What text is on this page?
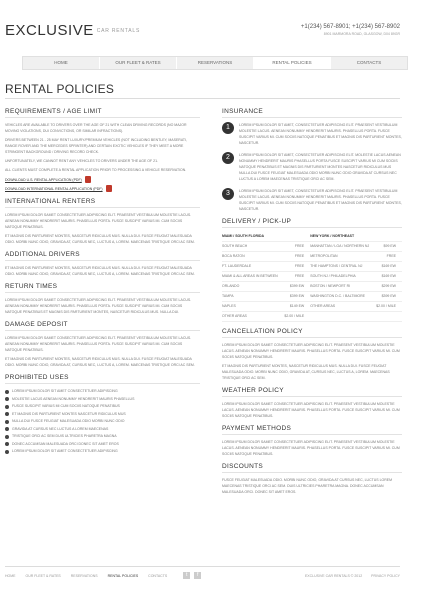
EXCLUSIVE CAR RENTALS
+1(234) 567-8901; +1(234) 567-8902
8901 MARMORA ROAD, GLASGOW, D04 89GR
HOME	OUR FLEET & RATES	RESERVATIONS	RENTAL POLICIES	CONTACTS
RENTAL POLICIES
REQUIREMENTS / AGE LIMIT

VEHICLES ARE AVAILABLE TO DRIVERS OVER THE AGE OF 21 WITH CLEAN DRIVING RECORDS (NO MAJOR MOVING VIOLATIONS, DUI CONVICTIONS, OR SIMILAR INFRACTIONS).

DRIVERS BETWEEN 21 - 25 MAY RENT LUXURY/PREMIUM VEHICLES (NOT INCLUDING BENTLEY, MASERATI, RANGE ROVER AND THE MERCEDES SPRINTER) AND CERTAIN EXOTIC VEHICLES IF THEY MEET A MORE STRINGENT BACKGROUND / DRIVING RECORD CHECK.

UNFORTUNATELY, WE CANNOT RENT ANY VEHICLES TO DRIVERS UNDER THE AGE OF 21.

ALL CLIENTS MUST COMPLETE A RENTAL APPLICATION PRIOR TO PROCESSING A VEHICLE RESERVATION.

DOWNLOAD U.S. RENTAL APPLICATION (PDF)
DOWNLOAD INTERNATIONAL RENTAL APPLICATION (PDF)
INTERNATIONAL RENTERS

LOREM IPSUM DOLOR SAMET CONSECTETUER ADIPISCING ELIT. PRAESENT VESTIBULUM MOLESTIE LACUS. AENEAN NONUMMY HENDRERIT MAURIS. PHASELLUS PORTA. FUSCE SUSCIPIT VARIUS MI. CUM SOCIIS NATOQUE PENATIBUS.

ET MAGNIS DIS PARTURIENT MONTES, NASCETUR RIDICULUS MUS. NULLA DUI. FUSCE FEUGIAT MALESUADA ODIO. MORBI NUNC ODIO, GRAVIDA AT, CURSUS NEC, LUCTUS A, LOREM. MAECENAS TRISTIQUE ORCI AC SEM.

ADDITIONAL DRIVERS

ET MAGNIS DIS PARTURIENT MONTES, NASCETUR RIDICULUS MUS. NULLA DUI. FUSCE FEUGIAT MALESUADA ODIO. MORBI NUNC ODIO, GRAVIDA AT, CURSUS NEC, LUCTUS A, LOREM. MAECENAS TRISTIQUE ORCI AC SEM.

RETURN TIMES

LOREM IPSUM DOLOR SAMET CONSECTETUER ADIPISCING ELIT. PRAESENT VESTIBULUM MOLESTIE LACUS. AENEAN NONUMMY HENDRERIT MAURIS. PHASELLUS PORTA. FUSCE SUSCIPIT VARIUS MI. CUM SOCIIS NATOQUE PENATIBUS ET MAGNIS DIS PARTURIENT MONTES, NASCETUR RIDICULUS MUS. NULLA DUI.

DAMAGE DEPOSIT

LOREM IPSUM DOLOR SAMET CONSECTETUER ADIPISCING ELIT. PRAESENT VESTIBULUM MOLESTIE LACUS. AENEAN NONUMMY HENDRERIT MAURIS. PHASELLUS PORTA. FUSCE SUSCIPIT VARIUS MI. CUM SOCIIS NATOQUE PENATIBUS.

ET MAGNIS DIS PARTURIENT MONTES, NASCETUR RIDICULUS MUS. NULLA DUI. FUSCE FEUGIAT MALESUADA ODIO. MORBI NUNC ODIO, GRAVIDA AT, CURSUS NEC, LUCTUS A, LOREM. MAECENAS TRISTIQUE ORCI AC SEM.

PROHIBITED USES
LOREM IPSUM DOLOR SIT AMET CONSECTETUER ADIPISCING
MOLESTIE LACUS AENEAN NONUMMY HENDRERIT MAURIS PHASELLUS
FUSCE SUSCIPIT VARIUS MI CUM SOCIIS NATOQUE PENATIBUS
ET MAGNIS DIS PARTURIENT MONTES NASCETUR RIDICULUS MUS
NULLA DUI FUSCE FEUGIAT MALESUADA ODIO MORBI NUNC ODIO
GRAVIDA AT CURSUS NEC LUCTUS A LOREM MAECENAS
TRISTIQUE ORCI AC SEM DUIS ULTRICIES PHARETRA MAGNA
DONEC ACCUMSAN MALESUADA ORCI DONEC SIT AMET EROS
LOREM IPSUM DOLOR SIT AMET CONSECTETUER ADIPISCING
INSURANCE
1	LOREM IPSUM DOLOR SIT AMET, CONSECTETUER ADIPISCING ELIT. PRAESENT VESTIBULUM MOLESTIE LACUS. AENEAN NONUMMY HENDRERIT MAURIS. PHASELLUS PORTA. FUSCE SUSCIPIT VARIUS MI. CUM SOCIIS NATOQUE PENATIBUS ET MAGNIS DIS PARTURIENT MONTES, NASCETUR.

2	LOREM IPSUM DOLOR SIT AMET, CONSECTETUER ADIPISCING ELIT. MOLESTIE LACUS AENEAN NONUMMY HENDRERIT MAURIS PHASELLUS PORTA FUSCE SUSCIPIT VARIUS MI CUM SOCIIS NATOQUE PENATIBUS ET MAGNIS DIS PARTURIENT MONTES NASCETUR RIDICULUS MUS NULLA DUI FUSCE FEUGIAT MALESUADA ODIO MORBI NUNC ODIO GRAVIDA AT CURSUS NEC LUCTUS A LOREM MAECENAS TRISTIQUE ORCI AC SEM.

3	LOREM IPSUM DOLOR SIT AMET, CONSECTETUER ADIPISCING ELIT. PRAESENT VESTIBULUM MOLESTIE LACUS. AENEAN NONUMMY HENDRERIT MAURIS. PHASELLUS PORTA. FUSCE SUSCIPIT VARIUS MI. CUM SOCIIS NATOQUE PENATIBUS ET MAGNIS DIS PARTURIENT MONTES, NASCETUR.

DELIVERY / PICK-UP
MIAMI / SOUTH FLORIDA		NEW YORK / NORTHEAST	
SOUTH BEACH	FREE	MANHATTAN / LGA / NORTHERN NJ	$99 EW
BOCA RATON	FREE	METROPOLITAN	FREE
FT. LAUDERDALE	FREE	THE HAMPTONS / CENTRAL NJ	$169 EW
MIAMI & ALL AREAS IN BETWEEN	FREE	SOUTH NJ / PHILADELPHIA	$169 EW
ORLANDO	$399 EW	BOSTON / NEWPORT RI	$299 EW
TAMPA	$399 EW	WASHINGTON D.C. / BALTIMORE	$399 EW
NAPLES	$149 EW	OTHER AREAS	$2.00 / MILE
OTHER AREAS	$2.00 / MILE		
CANCELLATION POLICY

LOREM IPSUM DOLOR SAMET CONSECTETUER ADIPISCING ELIT. PRAESENT VESTIBULUM MOLESTIE LACUS. AENEAN NONUMMY HENDRERIT MAURIS. PHASELLUS PORTA. FUSCE SUSCIPIT VARIUS MI. CUM SOCIIS NATOQUE PENATIBUS.

ET MAGNIS DIS PARTURIENT MONTES, NASCETUR RIDICULUS MUS. NULLA DUI. FUSCE FEUGIAT MALESUADA ODIO. MORBI NUNC ODIO, GRAVIDA AT, CURSUS NEC, LUCTUS A, LOREM. MAECENAS TRISTIQUE ORCI AC SEM.

WEATHER POLICY

LOREM IPSUM DOLOR SAMET CONSECTETUER ADIPISCING ELIT. PRAESENT VESTIBULUM MOLESTIE LACUS. AENEAN NONUMMY HENDRERIT MAURIS. PHASELLUS PORTA. FUSCE SUSCIPIT VARIUS MI. CUM SOCIIS NATOQUE PENATIBUS.

PAYMENT METHODS

LOREM IPSUM DOLOR SAMET CONSECTETUER ADIPISCING ELIT. PRAESENT VESTIBULUM MOLESTIE LACUS. AENEAN NONUMMY HENDRERIT MAURIS. PHASELLUS PORTA. FUSCE SUSCIPIT VARIUS MI. CUM SOCIIS NATOQUE PENATIBUS.

DISCOUNTS

FUSCE FEUGIAT MALESUADA ODIO. MORBI NUNC ODIO, GRAVIDA AT CURSUS NEC, LUCTUS LOREM MAECENAS TRISTIQUE ORCI AC SEM. DUIS ULTRICIES PHARETRA MAGNA. DONEC ACCUMSAN MALESUADA ORCI. DONEC SIT AMET EROS.

HOME	OUR FLEET & RATES	RESERVATIONS	RENTAL POLICIES	CONTACTS	t	f	EXCLUSIVE CAR RENTALS © 2012	PRIVACY POLICY
